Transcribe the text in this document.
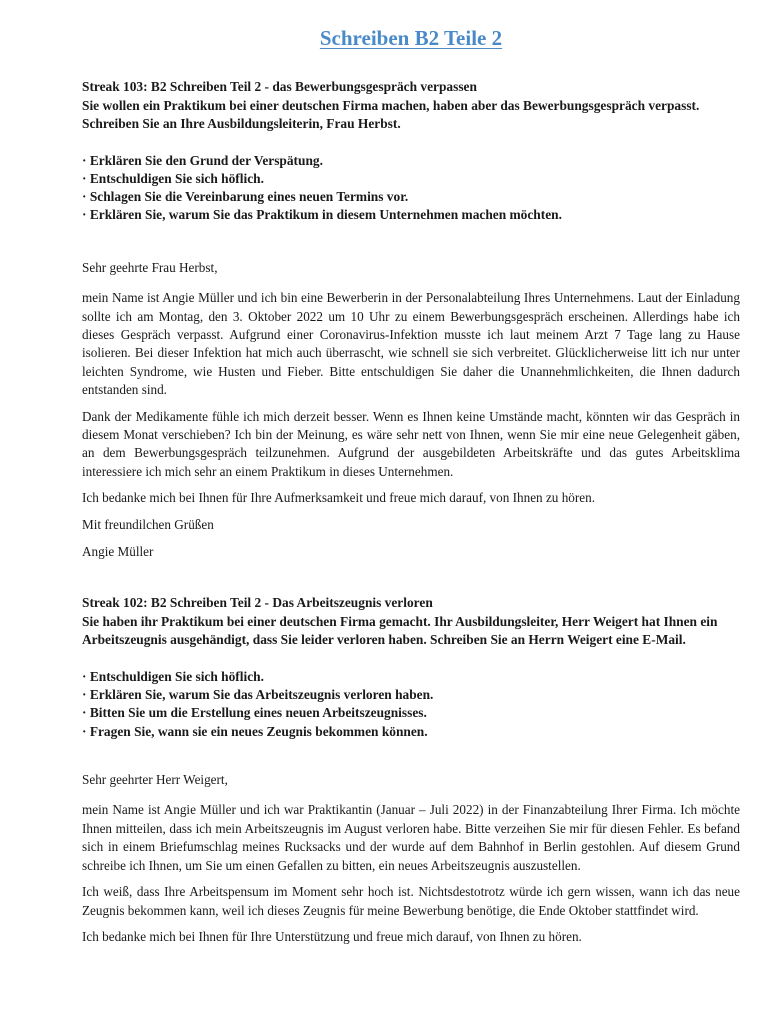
Schreiben B2 Teile 2

Streak 103: B2 Schreiben Teil 2 - das Bewerbungsgespräch verpassen

Sie wollen ein Praktikum bei einer deutschen Firma machen, haben aber das Bewerbungsgespräch verpasst. Schreiben Sie an Ihre Ausbildungsleiterin, Frau Herbst.

· Erklären Sie den Grund der Verspätung.
· Entschuldigen Sie sich höflich.
· Schlagen Sie die Vereinbarung eines neuen Termins vor.
· Erklären Sie, warum Sie das Praktikum in diesem Unternehmen machen möchten.

Sehr geehrte Frau Herbst,

mein Name ist Angie Müller und ich bin eine Bewerberin in der Personalabteilung Ihres Unternehmens. Laut der Einladung sollte ich am Montag, den 3. Oktober 2022 um 10 Uhr zu einem Bewerbungsgespräch erscheinen. Allerdings habe ich dieses Gespräch verpasst. Aufgrund einer Coronavirus-Infektion musste ich laut meinem Arzt 7 Tage lang zu Hause isolieren. Bei dieser Infektion hat mich auch überrascht, wie schnell sie sich verbreitet. Glücklicherweise litt ich nur unter leichten Syndrome, wie Husten und Fieber. Bitte entschuldigen Sie daher die Unannehmlichkeiten, die Ihnen dadurch entstanden sind.

Dank der Medikamente fühle ich mich derzeit besser. Wenn es Ihnen keine Umstände macht, könnten wir das Gespräch in diesem Monat verschieben? Ich bin der Meinung, es wäre sehr nett von Ihnen, wenn Sie mir eine neue Gelegenheit gäben, an dem Bewerbungsgespräch teilzunehmen. Aufgrund der ausgebildeten Arbeitskräfte und das gutes Arbeitsklima interessiere ich mich sehr an einem Praktikum in dieses Unternehmen.

Ich bedanke mich bei Ihnen für Ihre Aufmerksamkeit und freue mich darauf, von Ihnen zu hören.

Mit freundilchen Grüßen

Angie Müller

Streak 102: B2 Schreiben Teil 2 - Das Arbeitszeugnis verloren

Sie haben ihr Praktikum bei einer deutschen Firma gemacht. Ihr Ausbildungsleiter, Herr Weigert hat Ihnen ein Arbeitszeugnis ausgehändigt, dass Sie leider verloren haben. Schreiben Sie an Herrn Weigert eine E-Mail.

· Entschuldigen Sie sich höflich.
· Erklären Sie, warum Sie das Arbeitszeugnis verloren haben.
· Bitten Sie um die Erstellung eines neuen Arbeitszeugnisses.
· Fragen Sie, wann sie ein neues Zeugnis bekommen können.

Sehr geehrter Herr Weigert,

mein Name ist Angie Müller und ich war Praktikantin (Januar – Juli 2022) in der Finanzabteilung Ihrer Firma. Ich möchte Ihnen mitteilen, dass ich mein Arbeitszeugnis im August verloren habe. Bitte verzeihen Sie mir für diesen Fehler. Es befand sich in einem Briefumschlag meines Rucksacks und der wurde auf dem Bahnhof in Berlin gestohlen. Auf diesem Grund schreibe ich Ihnen, um Sie um einen Gefallen zu bitten, ein neues Arbeitszeugnis auszustellen.

Ich weiß, dass Ihre Arbeitspensum im Moment sehr hoch ist. Nichtsdestotrotz würde ich gern wissen, wann ich das neue Zeugnis bekommen kann, weil ich dieses Zeugnis für meine Bewerbung benötige, die Ende Oktober stattfindet wird.

Ich bedanke mich bei Ihnen für Ihre Unterstützung und freue mich darauf, von Ihnen zu hören.
